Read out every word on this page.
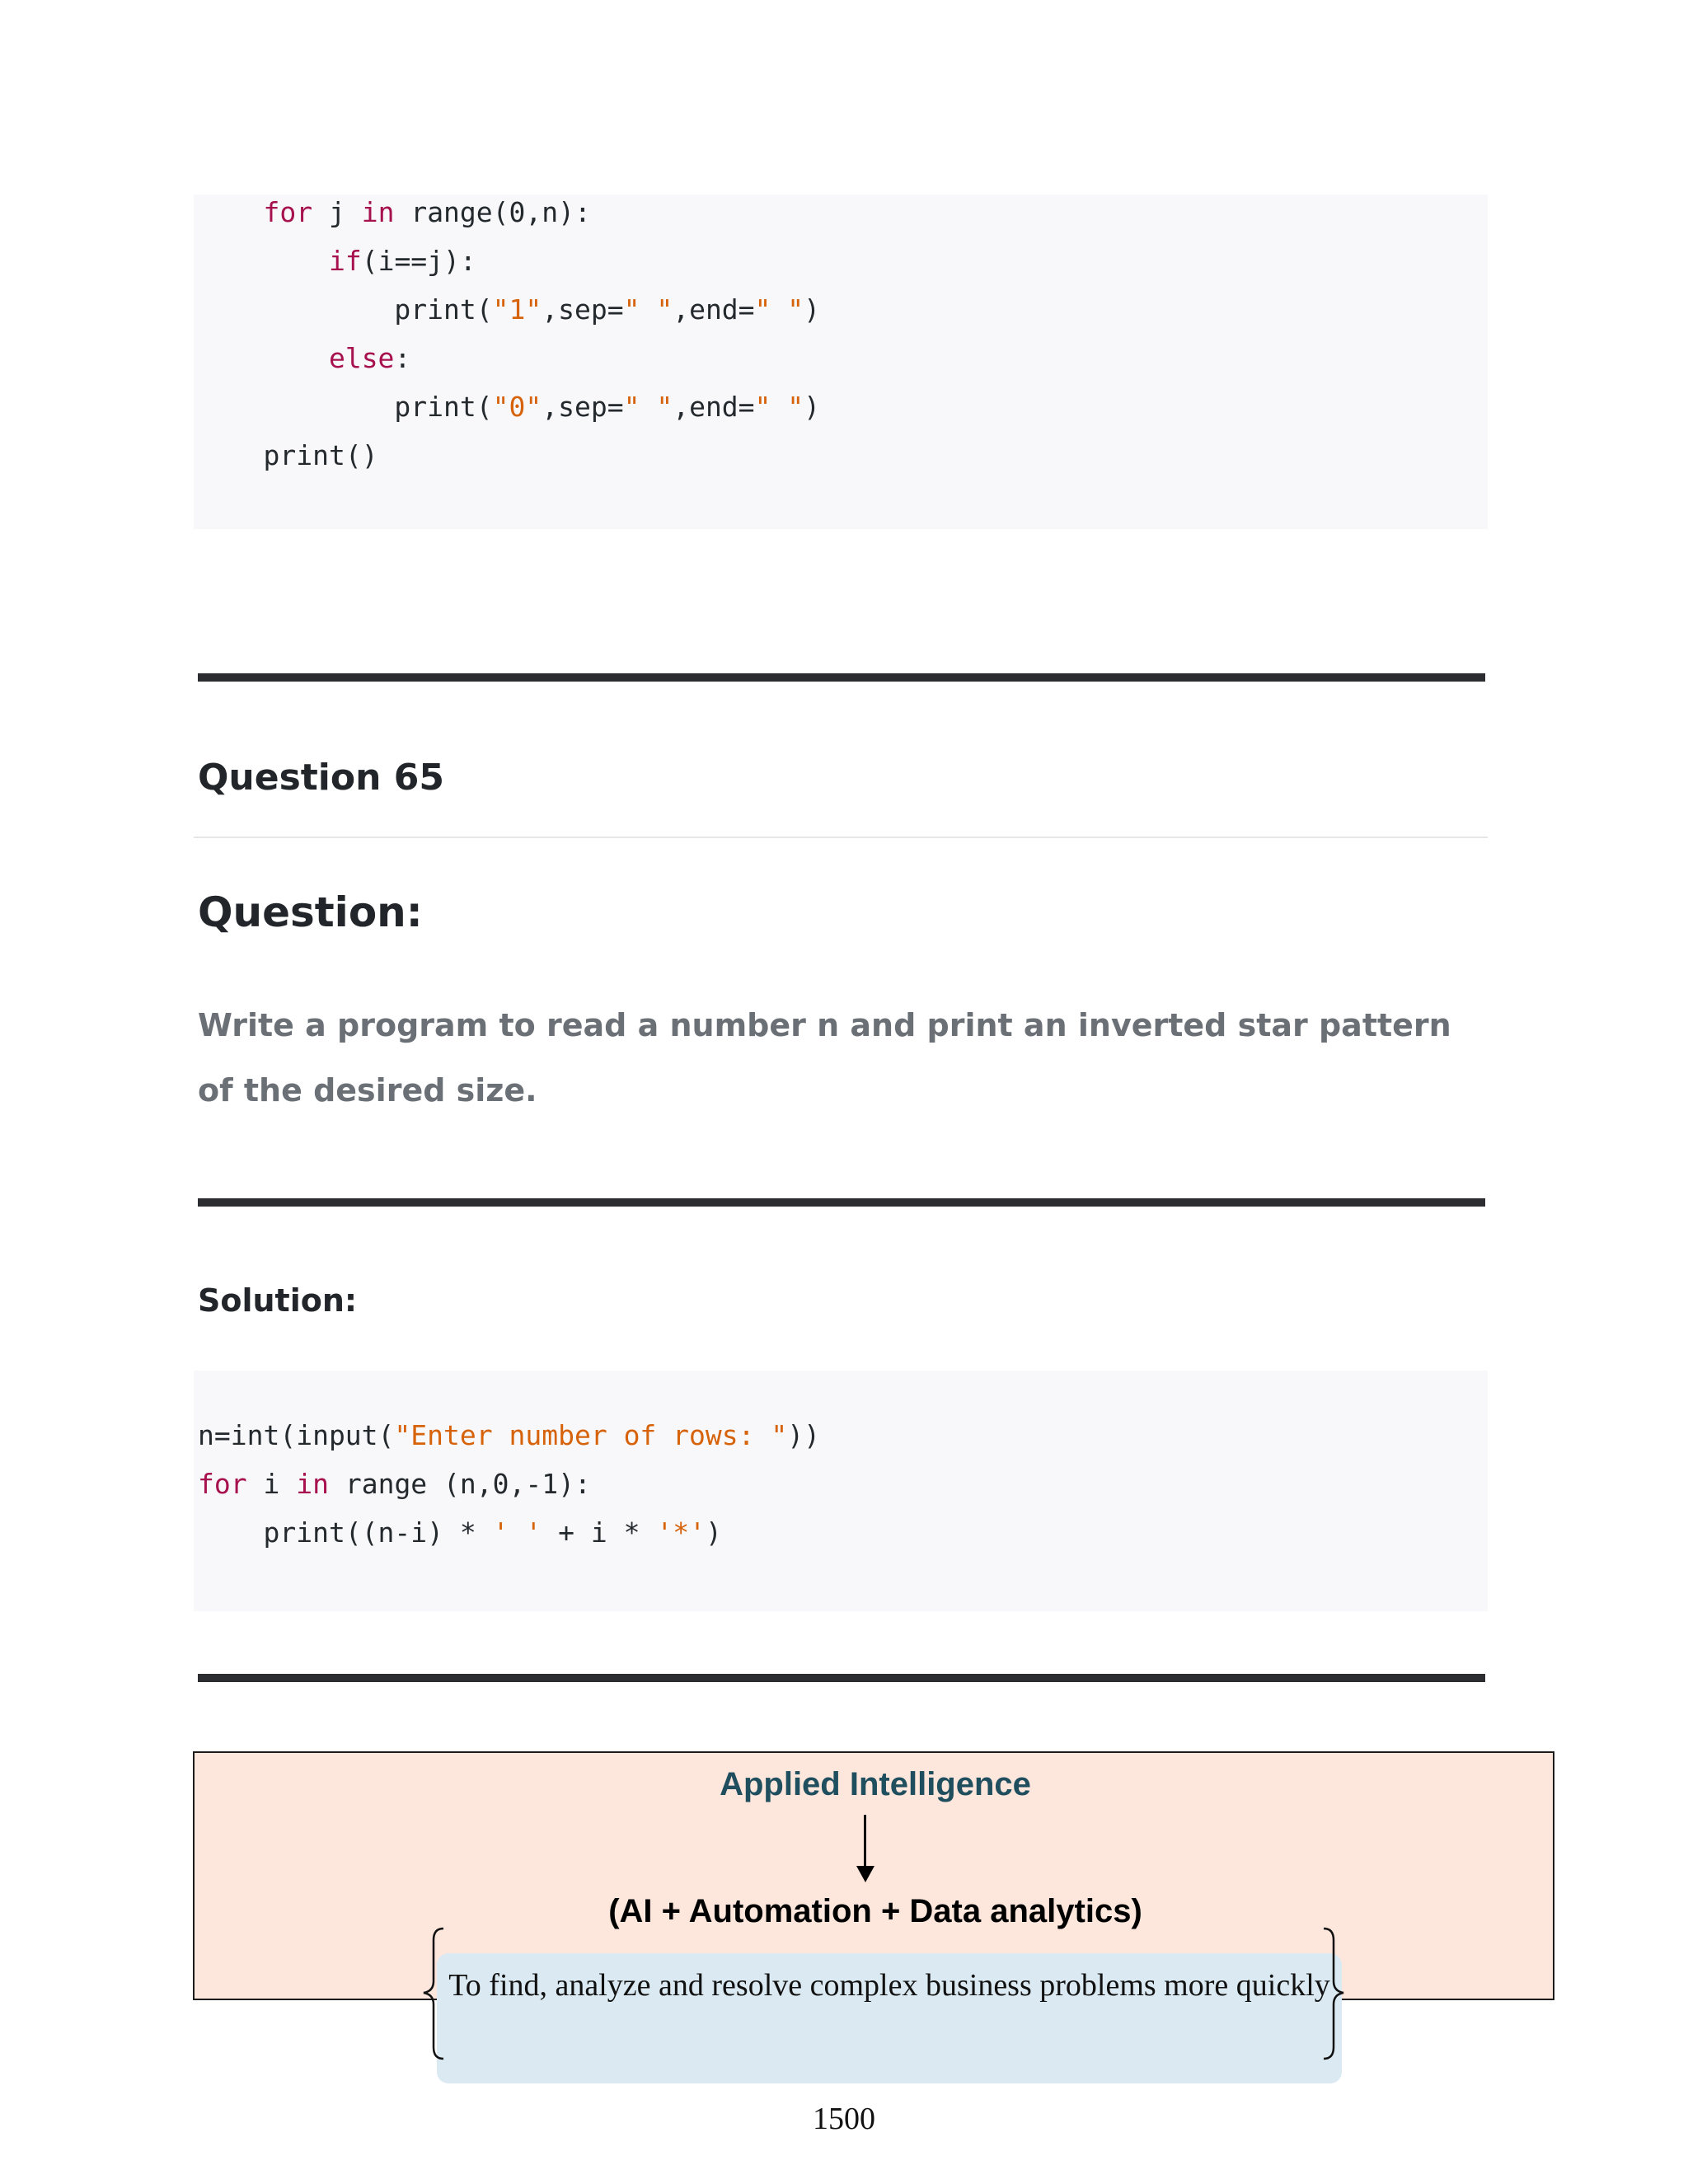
for j in range(0,n):
if(i==j):
print("1",sep=" ",end=" ")
else:
print("0",sep=" ",end=" ")
print()
Question 65
Question:
Write a program to read a number n and print an inverted star pattern of the desired size.
Solution:
n=int(input("Enter number of rows: "))
for i in range (n,0,-1):
print((n-i) * ' ' + i * '*')
Applied Intelligence
(AI + Automation + Data analytics)
To find, analyze and resolve complex business problems more quickly
1500
